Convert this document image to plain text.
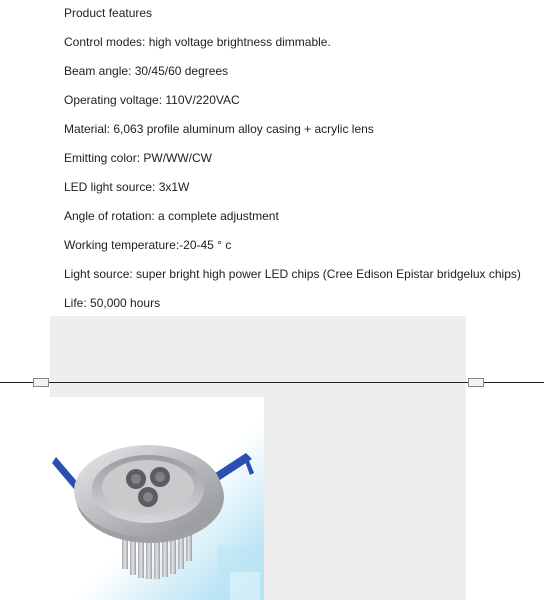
Product features
Control modes: high voltage brightness dimmable.
Beam angle: 30/45/60 degrees
Operating voltage: 110V/220VAC
Material: 6,063 profile aluminum alloy casing + acrylic lens
Emitting color: PW/WW/CW
LED light source: 3x1W
Angle of rotation: a complete adjustment
Working temperature:-20-45 ° c
Light source: super bright high power LED chips (Cree Edison Epistar bridgelux chips)
Life: 50,000 hours
